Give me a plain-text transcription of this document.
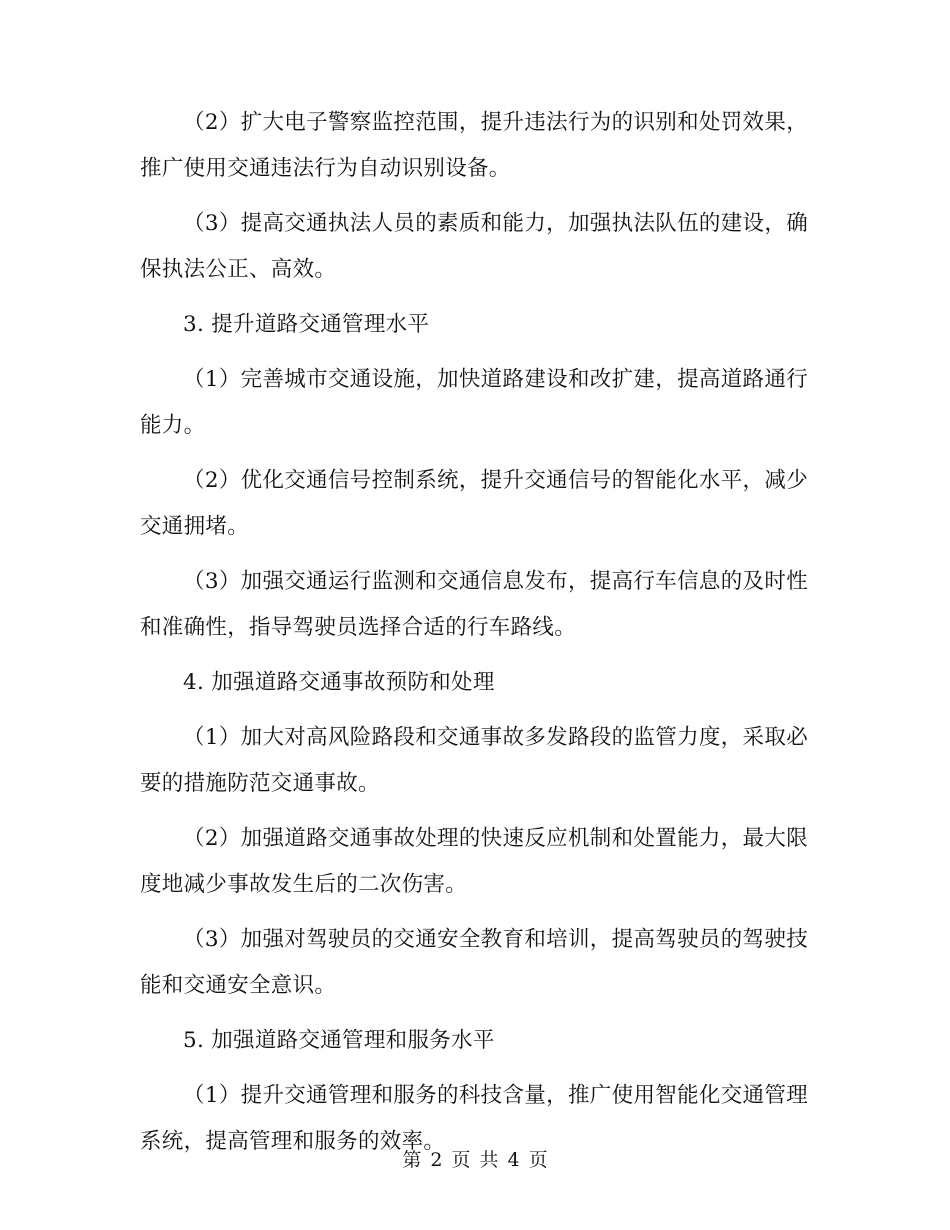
（2）扩大电子警察监控范围，提升违法行为的识别和处罚效果，推广使用交通违法行为自动识别设备。

（3）提高交通执法人员的素质和能力，加强执法队伍的建设，确保执法公正、高效。

3. 提升道路交通管理水平

（1）完善城市交通设施，加快道路建设和改扩建，提高道路通行能力。

（2）优化交通信号控制系统，提升交通信号的智能化水平，减少交通拥堵。

（3）加强交通运行监测和交通信息发布，提高行车信息的及时性和准确性，指导驾驶员选择合适的行车路线。

4. 加强道路交通事故预防和处理

（1）加大对高风险路段和交通事故多发路段的监管力度，采取必要的措施防范交通事故。

（2）加强道路交通事故处理的快速反应机制和处置能力，最大限度地减少事故发生后的二次伤害。

（3）加强对驾驶员的交通安全教育和培训，提高驾驶员的驾驶技能和交通安全意识。

5. 加强道路交通管理和服务水平

（1）提升交通管理和服务的科技含量，推广使用智能化交通管理系统，提高管理和服务的效率。

第 2 页 共 4 页
